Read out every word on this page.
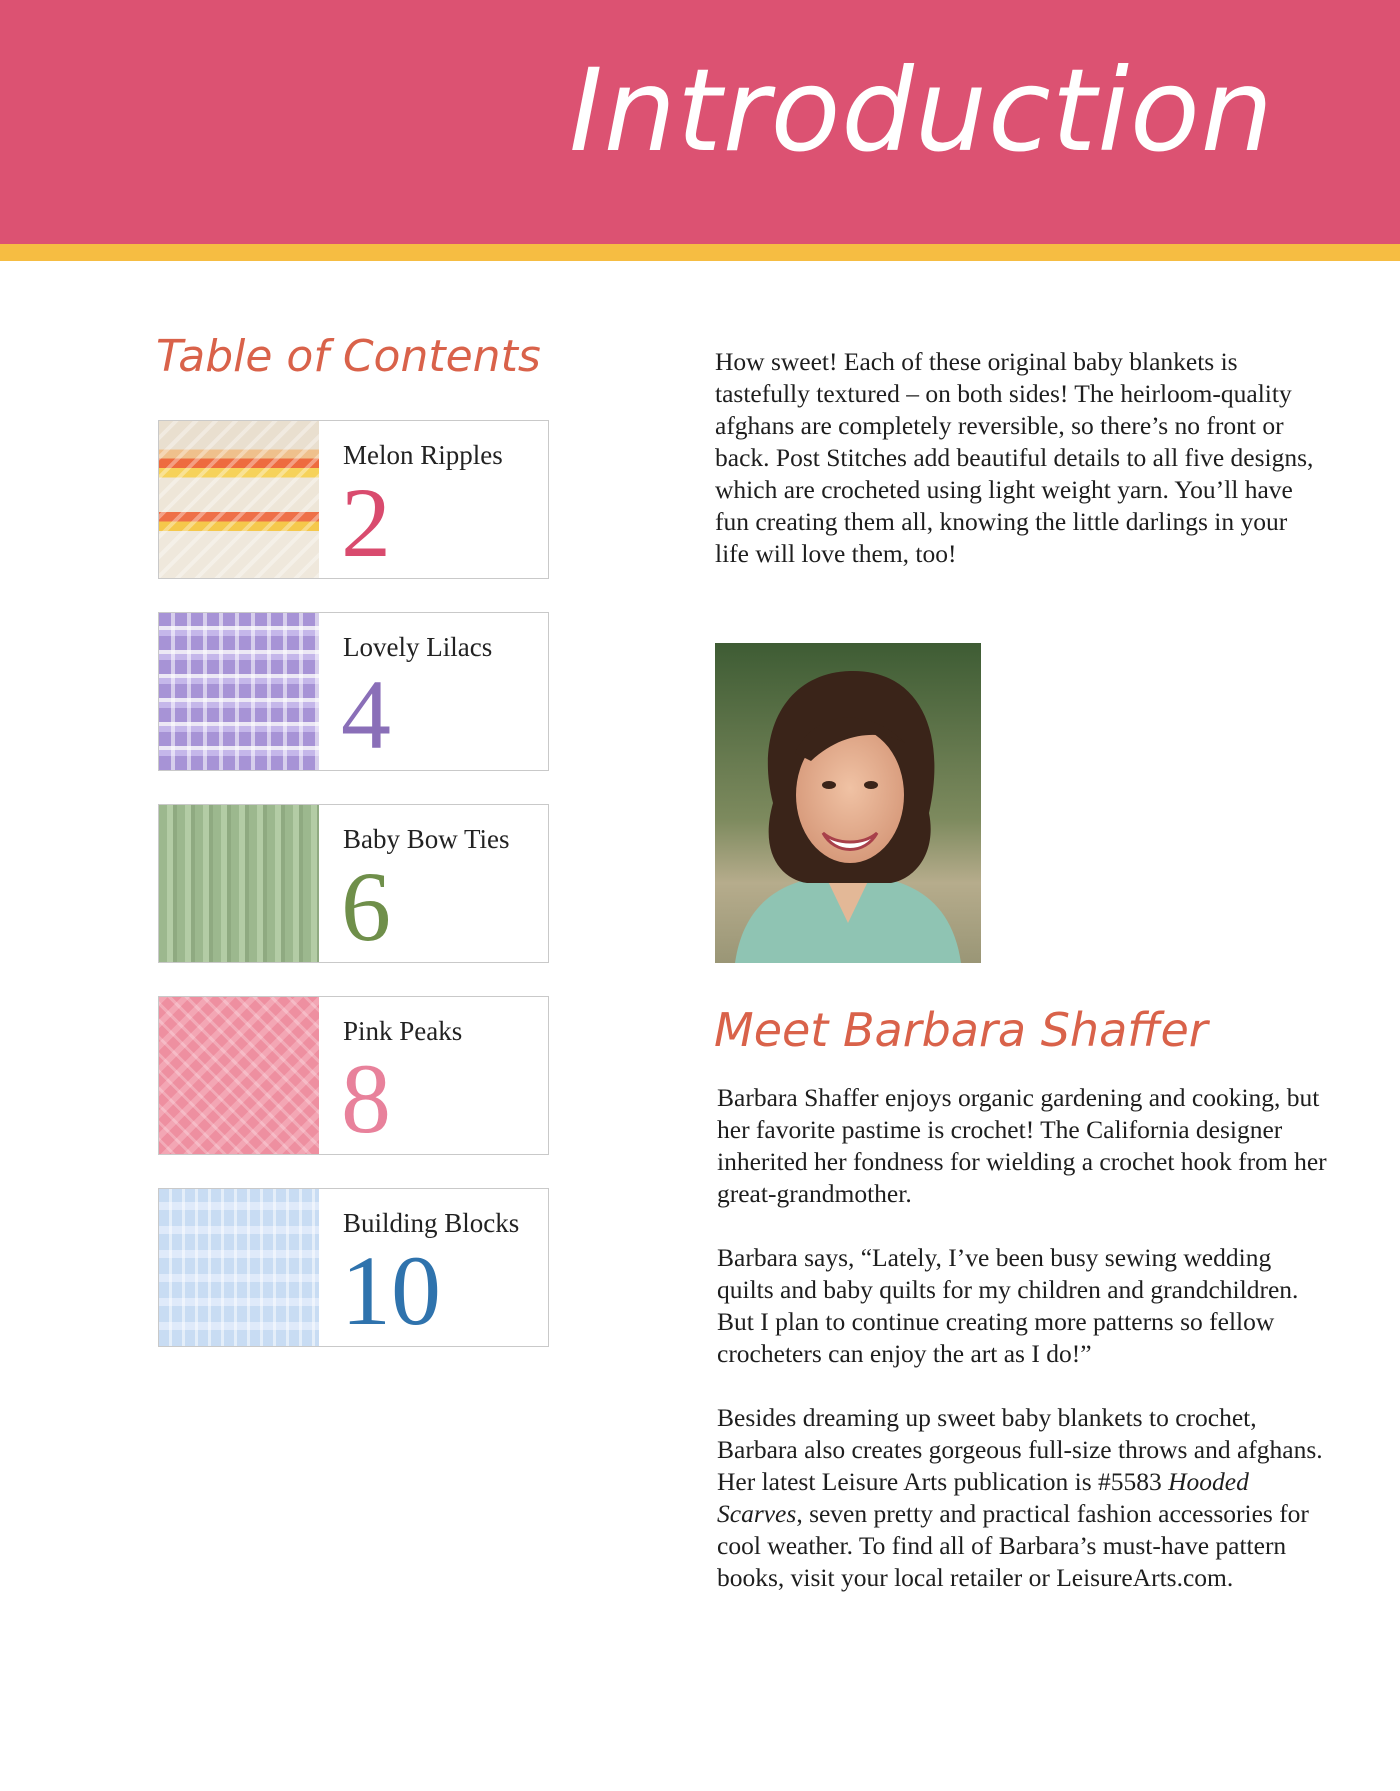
Introduction
Table of Contents
Melon Ripples
2
Lovely Lilacs
4
Baby Bow Ties
6
Pink Peaks
8
Building Blocks
10

How sweet! Each of these original baby blankets is tastefully textured – on both sides! The heirloom-quality afghans are completely reversible, so there’s no front or back. Post Stitches add beautiful details to all five designs, which are crocheted using light weight yarn. You’ll have fun creating them all, knowing the little darlings in your life will love them, too!

Meet Barbara Shaffer

Barbara Shaffer enjoys organic gardening and cooking, but her favorite pastime is crochet! The California designer inherited her fondness for wielding a crochet hook from her great-grandmother.

Barbara says, “Lately, I’ve been busy sewing wedding quilts and baby quilts for my children and grandchildren. But I plan to continue creating more patterns so fellow crocheters can enjoy the art as I do!”

Besides dreaming up sweet baby blankets to crochet, Barbara also creates gorgeous full-size throws and afghans. Her latest Leisure Arts publication is #5583 Hooded Scarves, seven pretty and practical fashion accessories for cool weather. To find all of Barbara’s must-have pattern books, visit your local retailer or LeisureArts.com.
